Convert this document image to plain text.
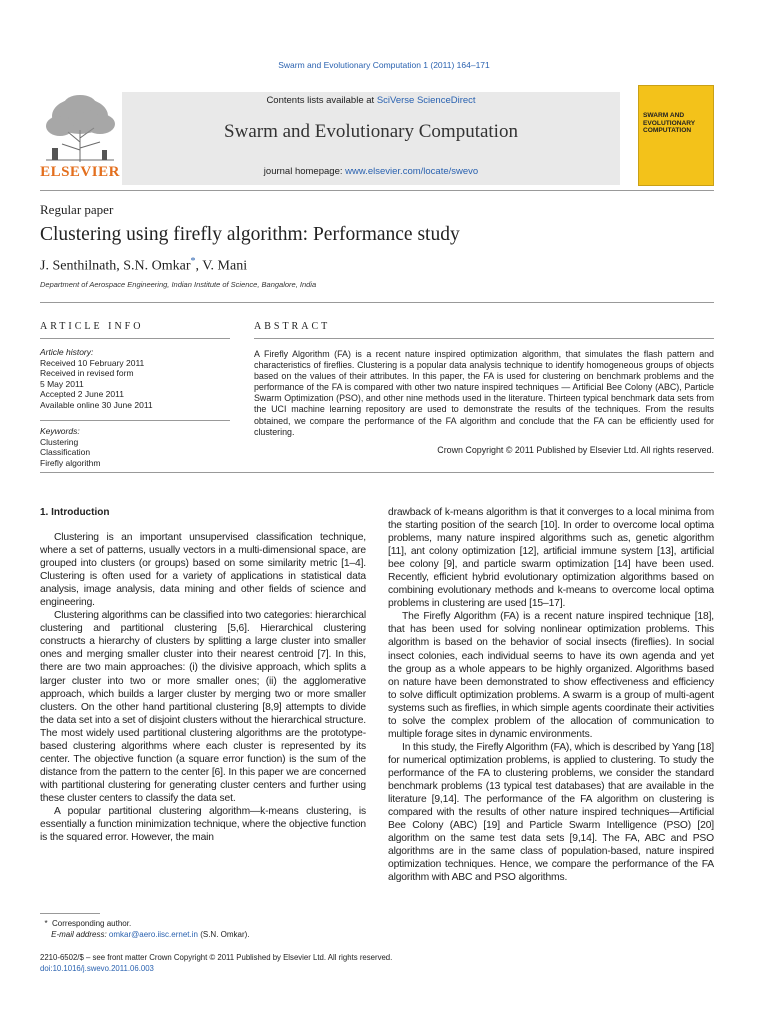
Swarm and Evolutionary Computation 1 (2011) 164–171
ELSEVIER
Contents lists available at SciVerse ScienceDirect
Swarm and Evolutionary Computation
journal homepage: www.elsevier.com/locate/swevo
SWARM AND EVOLUTIONARY COMPUTATION
Regular paper
Clustering using firefly algorithm: Performance study
J. Senthilnath, S.N. Omkar*, V. Mani
Department of Aerospace Engineering, Indian Institute of Science, Bangalore, India
ARTICLE INFO
Article history:
Received 10 February 2011
Received in revised form
5 May 2011
Accepted 2 June 2011
Available online 30 June 2011
Keywords:
Clustering
Classification
Firefly algorithm
ABSTRACT
A Firefly Algorithm (FA) is a recent nature inspired optimization algorithm, that simulates the flash pattern and characteristics of fireflies. Clustering is a popular data analysis technique to identify homogeneous groups of objects based on the values of their attributes. In this paper, the FA is used for clustering on benchmark problems and the performance of the FA is compared with other two nature inspired techniques — Artificial Bee Colony (ABC), Particle Swarm Optimization (PSO), and other nine methods used in the literature. Thirteen typical benchmark data sets from the UCI machine learning repository are used to demonstrate the results of the techniques. From the results obtained, we compare the performance of the FA algorithm and conclude that the FA can be efficiently used for clustering.
Crown Copyright © 2011 Published by Elsevier Ltd. All rights reserved.
1. Introduction

Clustering is an important unsupervised classification technique, where a set of patterns, usually vectors in a multi-dimensional space, are grouped into clusters (or groups) based on some similarity metric [1–4]. Clustering is often used for a variety of applications in statistical data analysis, image analysis, data mining and other fields of science and engineering.

Clustering algorithms can be classified into two categories: hierarchical clustering and partitional clustering [5,6]. Hierarchical clustering constructs a hierarchy of clusters by splitting a large cluster into smaller ones and merging smaller cluster into their nearest centroid [7]. In this, there are two main approaches: (i) the divisive approach, which splits a larger cluster into two or more smaller ones; (ii) the agglomerative approach, which builds a larger cluster by merging two or more smaller clusters. On the other hand partitional clustering [8,9] attempts to divide the data set into a set of disjoint clusters without the hierarchical structure. The most widely used partitional clustering algorithms are the prototype-based clustering algorithms where each cluster is represented by its center. The objective function (a square error function) is the sum of the distance from the pattern to the center [6]. In this paper we are concerned with partitional clustering for generating cluster centers and further using these cluster centers to classify the data set.

A popular partitional clustering algorithm—k-means clustering, is essentially a function minimization technique, where the objective function is the squared error. However, the main

drawback of k-means algorithm is that it converges to a local minima from the starting position of the search [10]. In order to overcome local optima problems, many nature inspired algorithms such as, genetic algorithm [11], ant colony optimization [12], artificial immune system [13], artificial bee colony [9], and particle swarm optimization [14] have been used. Recently, efficient hybrid evolutionary optimization algorithms based on combining evolutionary methods and k-means to overcome local optima problems in clustering are used [15–17].

The Firefly Algorithm (FA) is a recent nature inspired technique [18], that has been used for solving nonlinear optimization problems. This algorithm is based on the behavior of social insects (fireflies). In social insect colonies, each individual seems to have its own agenda and yet the group as a whole appears to be highly organized. Algorithms based on nature have been demonstrated to show effectiveness and efficiency to solve difficult optimization problems. A swarm is a group of multi-agent systems such as fireflies, in which simple agents coordinate their activities to solve the complex problem of the allocation of communication to multiple forage sites in dynamic environments.

In this study, the Firefly Algorithm (FA), which is described by Yang [18] for numerical optimization problems, is applied to clustering. To study the performance of the FA to clustering problems, we consider the standard benchmark problems (13 typical test databases) that are available in the literature [9,14]. The performance of the FA algorithm on clustering is compared with the results of other nature inspired techniques—Artificial Bee Colony (ABC) [19] and Particle Swarm Intelligence (PSO) [20] algorithm on the same test data sets [9,14]. The FA, ABC and PSO algorithms are in the same class of population-based, nature inspired optimization techniques. Hence, we compare the performance of the FA algorithm with ABC and PSO algorithms.

* Corresponding author.
E-mail address: omkar@aero.iisc.ernet.in (S.N. Omkar).
2210-6502/$ – see front matter Crown Copyright © 2011 Published by Elsevier Ltd. All rights reserved.
doi:10.1016/j.swevo.2011.06.003
